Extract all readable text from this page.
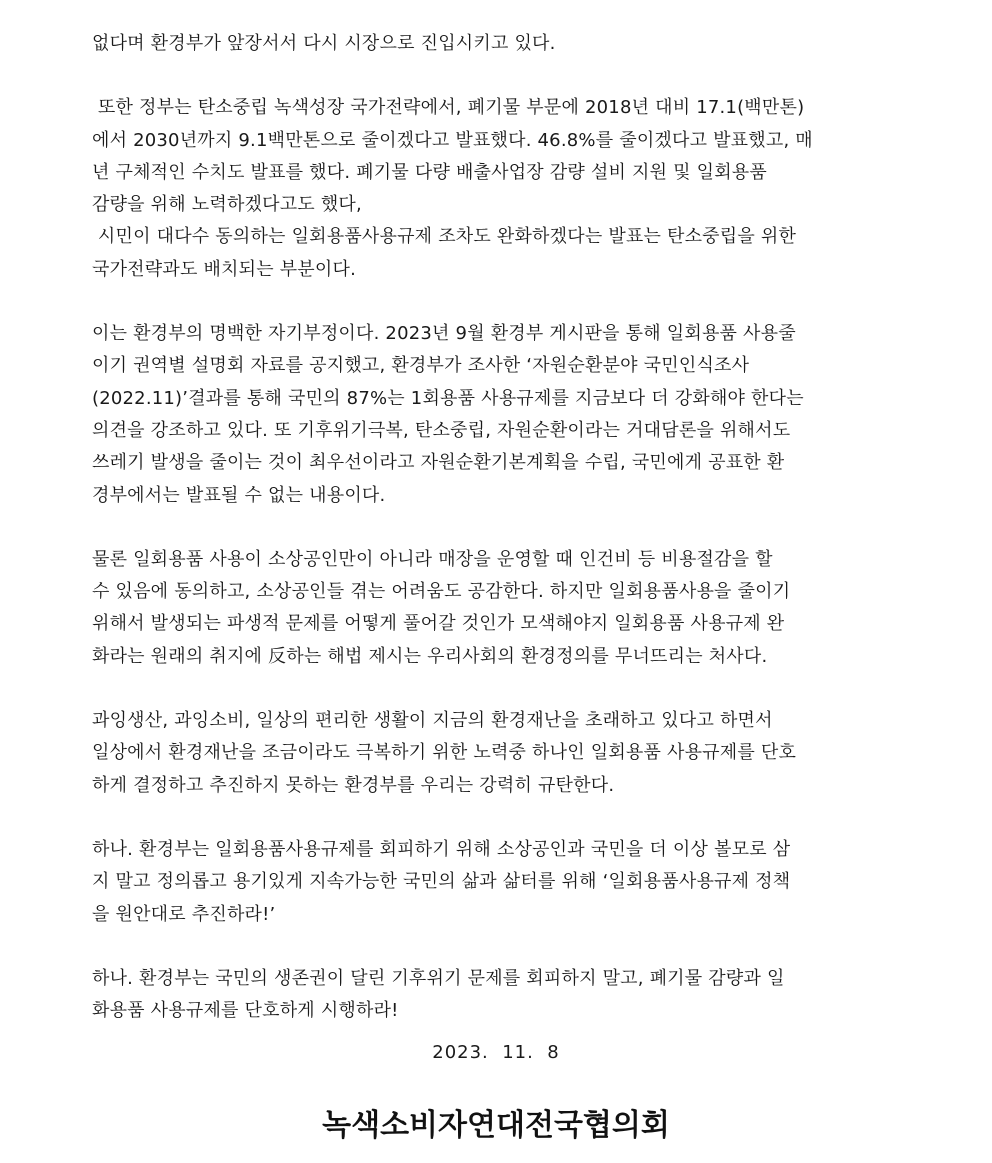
없다며 환경부가 앞장서서 다시 시장으로 진입시키고 있다.

또한 정부는 탄소중립 녹색성장 국가전략에서, 폐기물 부문에 2018년 대비 17.1(백만톤)
에서 2030년까지 9.1백만톤으로 줄이겠다고 발표했다. 46.8%를 줄이겠다고 발표했고, 매
년 구체적인 수치도 발표를 했다. 폐기물 다량 배출사업장 감량 설비 지원 및 일회용품
감량을 위해 노력하겠다고도 했다,
시민이 대다수 동의하는 일회용품사용규제 조차도 완화하겠다는 발표는 탄소중립을 위한
국가전략과도 배치되는 부분이다.

이는 환경부의 명백한 자기부정이다. 2023년 9월 환경부 게시판을 통해 일회용품 사용줄
이기 권역별 설명회 자료를 공지했고, 환경부가 조사한 ‘자원순환분야 국민인식조사
(2022.11)’결과를 통해 국민의 87%는 1회용품 사용규제를 지금보다 더 강화해야 한다는
의견을 강조하고 있다. 또 기후위기극복, 탄소중립, 자원순환이라는 거대담론을 위해서도
쓰레기 발생을 줄이는 것이 최우선이라고 자원순환기본계획을 수립, 국민에게 공표한 환
경부에서는 발표될 수 없는 내용이다.

물론 일회용품 사용이 소상공인만이 아니라 매장을 운영할 때 인건비 등 비용절감을 할
수 있음에 동의하고, 소상공인들 겪는 어려움도 공감한다. 하지만 일회용품사용을 줄이기
위해서 발생되는 파생적 문제를 어떻게 풀어갈 것인가 모색해야지 일회용품 사용규제 완
화라는 원래의 취지에 反하는 해법 제시는 우리사회의 환경정의를 무너뜨리는 처사다.

과잉생산, 과잉소비, 일상의 편리한 생활이 지금의 환경재난을 초래하고 있다고 하면서
일상에서 환경재난을 조금이라도 극복하기 위한 노력중 하나인 일회용품 사용규제를 단호
하게 결정하고 추진하지 못하는 환경부를 우리는 강력히 규탄한다.

하나. 환경부는 일회용품사용규제를 회피하기 위해 소상공인과 국민을 더 이상 볼모로 삼
지 말고 정의롭고 용기있게 지속가능한 국민의 삶과 삶터를 위해 ‘일회용품사용규제 정책
을 원안대로 추진하라!’

하나. 환경부는 국민의 생존권이 달린 기후위기 문제를 회피하지 말고, 폐기물 감량과 일
화용품 사용규제를 단호하게 시행하라!

2023.  11.  8
녹색소비자연대전국협의회
